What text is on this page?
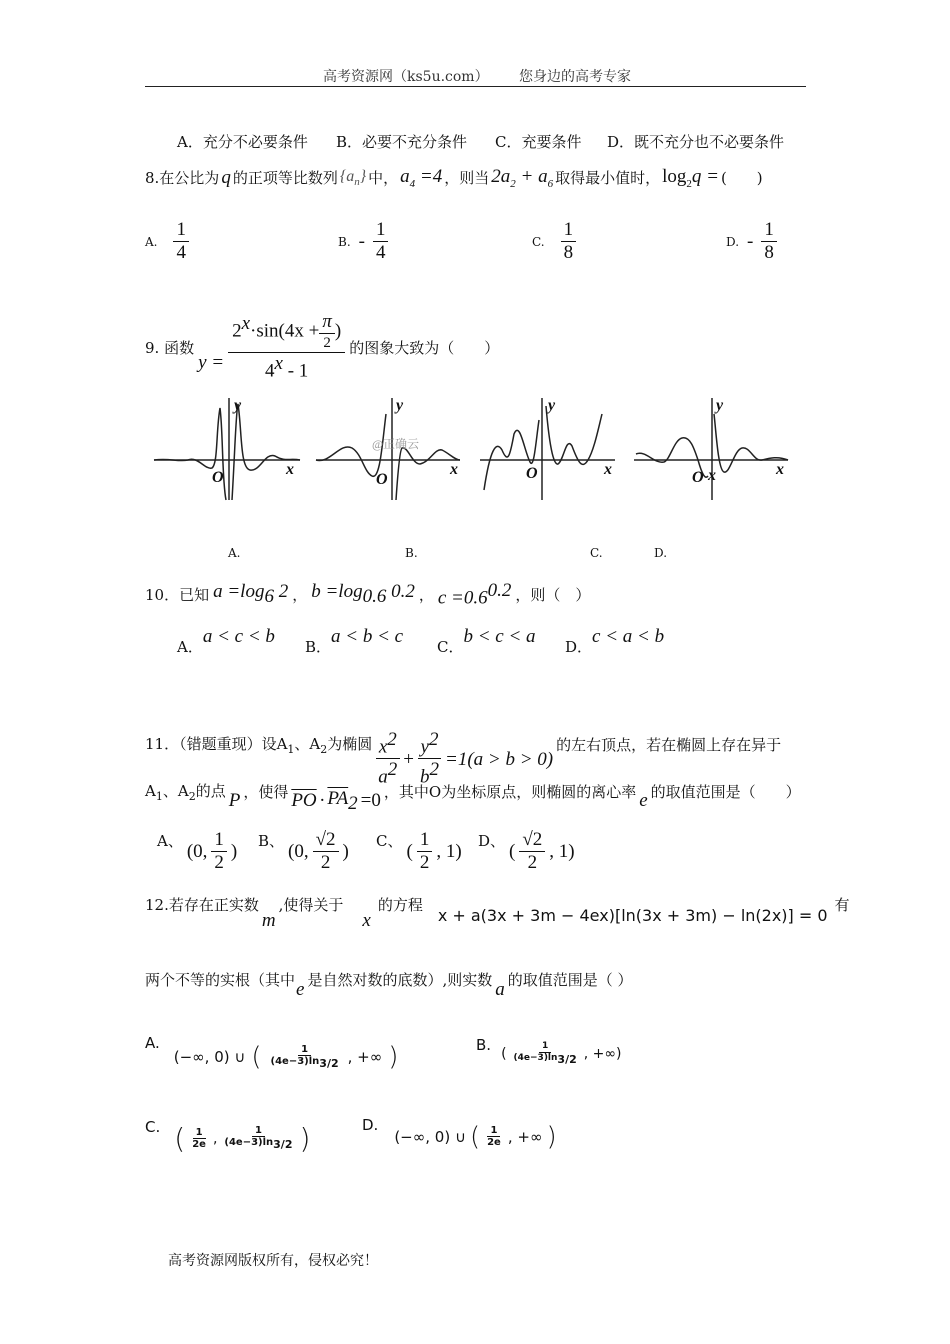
高考资源网（ks5u.com） 您身边的高考专家
A．充分不必要条件 B．必要不充分条件 C．充要条件 D．既不充分也不必要条件
8.在公比为 q 的正项等比数列 $\{a_n\}$ 中， $a_4 =4$ ，则当 $2a_2 + a_6$ 取得最小值时， $\log_2q$ = (　　)
A. $\frac{1}{4}$	B. - $\frac{1}{4}$	C. $\frac{1}{8}$	D. - $\frac{1}{8}$
9. 函数
$y = \frac{2^x\cdot\sin(4x + \frac{\pi}{2} )}{4^x - 1}$ 的图象大致为（　　）
y
x
O
y
x
O
y
x
O
y
x
O x
@正确云
A.	B.	C.	D.
10．已知 $a =\log_6$ 2 ， $b =\log_{0.6}$ 0.2 ， $c =0.6^{0.2}$ ，则（　）
A．a < c < b B．a < b < c C．b < c < a D．c < a < b
11．（错题重现）设$A_1$、$A_2$为椭圆 $\frac{x^2}{a^2} + \frac{y^2}{b^2} =1(a > b > 0)$
的左右顶点，若在椭圆上存在异于
$A_1$、$A_2$的点 P ，使得 $\overline{PO} \cdot \overline{PA}_2 =0$ ，其中O为坐标原点，则椭圆的离心率 e 的取值范围是（　　）
A、
(0, $\frac{1}{2}$ )
B、
(0, $\frac{√2}{2}$ )
C、
( $\frac{1}{2}$ , 1)
D、
( $\frac{√2}{2}$ , 1)
12.若存在正实数
m
,使得关于
x
的方程
x + a(3x + 3m − 4ex)[ln(3x + 3m) − ln(2x)] = 0
有
两个不等的实根（其中 e 是自然对数的底数）,则实数 a 的取值范围是（ ）
A.
(−∞, 0) ∪ ( $\frac{1}{(4e-3)\ln_{3/2}}$ , +∞ )	B. ( $\frac{1}{(4e-3)\ln_{3/2}}$ , +∞)
C. ( $\frac{1}{2e}$ , $\frac{1}{(4e-3)\ln_{3/2}}$ )	D.
(−∞, 0) ∪ ( $\frac{1}{2e}$ , +∞ )
高考资源网版权所有，侵权必究！
